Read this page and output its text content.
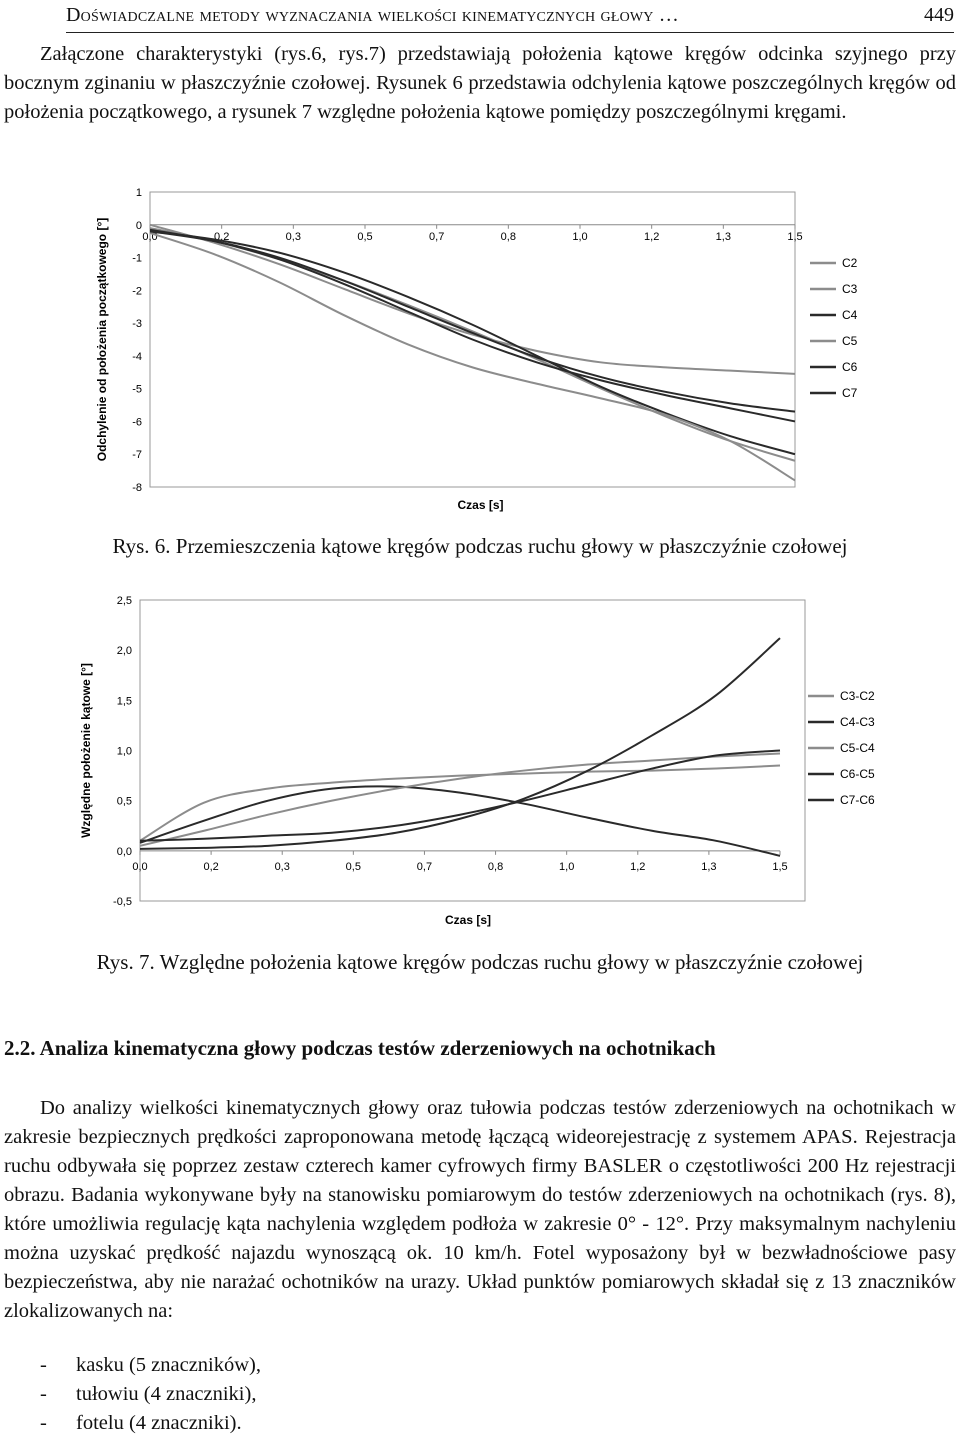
Doświadczalne metody wyznaczania wielkości kinematycznych głowy …	449

Załączone charakterystyki (rys.6, rys.7) przedstawiają położenia kątowe kręgów odcinka szyjnego przy bocznym zginaniu w płaszczyźnie czołowej. Rysunek 6 przedstawia odchylenia kątowe poszczególnych kręgów od położenia początkowego, a rysunek 7 względne położenia kątowe pomiędzy poszczególnymi kręgami.

1
0
-1
-2
-3
-4
-5
-6
-7
-8
0,0	0,2	0,3	0,5	0,7	0,8	1,0	1,2	1,3	1,5
Czas [s]
Odchylenie od położenia początkowego [°]	C2
C3
C4
C5
C6
C7
Rys. 6. Przemieszczenia kątowe kręgów podczas ruchu głowy w płaszczyźnie czołowej
2,5
2,0
1,5
1,0
0,5
0,0
-0,5
0,0	0,2	0,3	0,5	0,7	0,8	1,0	1,2	1,3	1,5
Czas [s]
Względne położenie kątowe [°]	C3-C2
C4-C3
C5-C4
C6-C5
C7-C6
Rys. 7. Względne położenia kątowe kręgów podczas ruchu głowy w płaszczyźnie czołowej
2.2. Analiza kinematyczna głowy podczas testów zderzeniowych na ochotnikach

Do analizy wielkości kinematycznych głowy oraz tułowia podczas testów zderzeniowych na ochotnikach w zakresie bezpiecznych prędkości zaproponowana metodę łączącą wideorejestrację z systemem APAS. Rejestracja ruchu odbywała się poprzez zestaw czterech kamer cyfrowych firmy BASLER o częstotliwości 200 Hz rejestracji obrazu. Badania wykonywane były na stanowisku pomiarowym do testów zderzeniowych na ochotnikach (rys. 8), które umożliwia regulację kąta nachylenia względem podłoża w zakresie 0° - 12°. Przy maksymalnym nachyleniu można uzyskać prędkość najazdu wynoszącą ok. 10 km/h. Fotel wyposażony był w bezwładnościowe pasy bezpieczeństwa, aby nie narażać ochotników na urazy. Układ punktów pomiarowych składał się z 13 znaczników zlokalizowanych na:

-	kasku (5 znaczników),
-	tułowiu (4 znaczniki),
-	fotelu (4 znaczniki).
